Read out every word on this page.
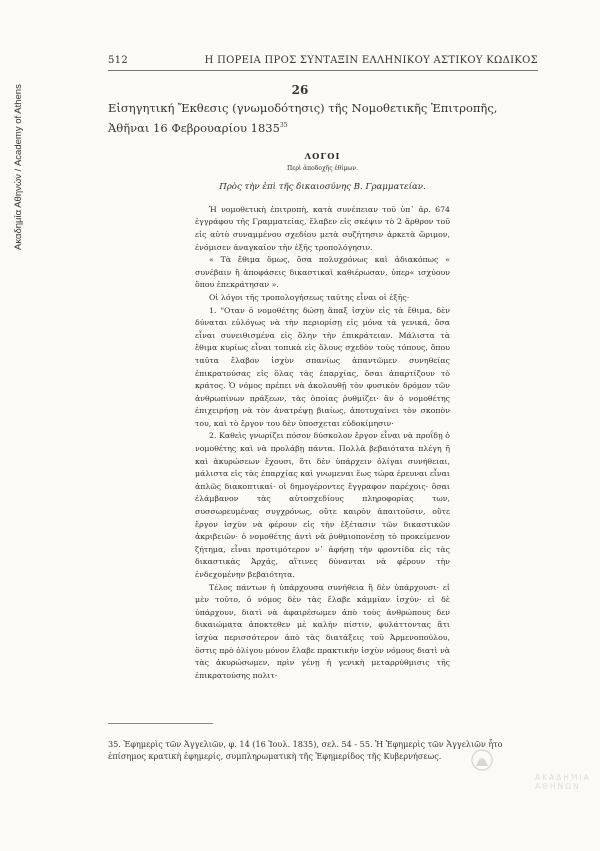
Ακαδημία Αθηνών / Academy of Athens
512	Η ΠΟΡΕΙΑ ΠΡΟΣ ΣΥΝΤΑΞΙΝ ΕΛΛΗΝΙΚΟΥ ΑΣΤΙΚΟΥ ΚΩΔΙΚΟΣ
26
Εἰσηγητική Ἔκθεσις (γνωμοδότησις) τῆς Νομοθετικῆς Ἐπιτροπῆς, Ἀθῆναι 16 Φεβρουαρίου 1835$^{35}$
ΛΟΓΟΙ
Περὶ ἀποδοχῆς ἐθίμων.
Πρὸς τὴν ἐπὶ τῆς δικαιοσύνης Β. Γραμματείαν.

Ἡ νομοθετικὴ ἐπιτροπὴ, κατὰ συνέπειαν τοῦ ὑπ᾽ ἀρ. 674 ἐγγράφου τῆς Γραμματείας, ἔλαβεν εἰς σκέψιν τὸ 2 ἄρθρον τοῦ εἰς αὐτὸ συναμμένου σχεδίου μετὰ συζήτησιν ἀρκετὰ ὥριμον, ἐνόμισεν ἀναγκαῖον τὴν ἑξῆς τροπολόγησιν.

« Τὰ ἔθιμα ὅμως, ὅσα πολυχρόνως καὶ ἀδιακόπως « συνέβαιν ἢ ἀποφάσεις δικαστικαὶ καθιέρωσαν, ὑπερ« ισχύουν ὅπου ἐπεκράτησαν ».

Οἱ λόγοι τῆς τροπολογήσεως ταύτης εἶναι οἱ ἑξῆς·

1. "Οταν ὁ νομοθέτης δώσῃ ἅπαξ ἰσχὺν εἰς τὰ ἔθιμα, δὲν δύναται εὐλόγως νὰ τὴν περιορίσῃ εἰς μόνα τὰ γενικά, ὅσα εἶναι συνειθισμένα εἰς ὅλην τὴν ἐπικράτειαν. Μάλιστα τὰ ἔθιμα κυρίως εἶναι τοπικὰ εἰς ὅλους σχεδὸν τοὺς τόπους, ὅπου ταῦτα ἔλαβον ἰσχὺν σπανίως ἀπαντῶμεν συνηθείας ἐπικρατούσας εἰς ὅλας τὰς ἐπαρχίας, ὅσαι ἀπαρτίζουν τὸ κράτος. Ὁ νόμος πρέπει νὰ ἀκολουθῇ τὸν φυσικὸν δρόμον τῶν ἀνθρωπίνων πράξεων, τὰς ὁποίας ῥυθμίζει· ἂν ὁ νομοθέτης ἐπιχειρήσῃ νὰ τὸν ἀνατρέψῃ βιαίως, ἀποτυχαίνει τὸν σκοπὸν του, καὶ τὸ ἔργον του δὲν ὑποσχεται εὐδοκίμησιν·

2. Καθεὶς γνωρίζει πόσον δύσκολον ἔργον εἶναι νὰ προΐδῃ ὁ νομοθέτης καὶ νὰ προλάβῃ πάντα. Πολλὰ βεβαιότατα πλέγη ἤ καὶ ἀκυρώσεων ἔχουσι, ὅτι δὲν ὑπάρχειν ὀλίγαι συνήθειαι, μάλιστα εἰς τὰς ἐπαρχίας καὶ γνωμεναι ἕως τώρα ἐρευναι εἶναι ἀπλῶς διακοπτικαί· οἱ δημογέροντες ἔγγραφον παρέχοις· ὅσαι ἐλάμβανον τὰς αὐτοσχεδίους πληροφορίας των, συσσωρευμένας συγχρόνως, οὔτε καιρὸν ἀπαιτοῦσιν, οὔτε ἔργον ἰσχὺν νὰ φέρουν εἰς τὴν ἐξέτασιν τῶν δικαστικῶν ἀκριβειῶν· ὁ νομοθέτης ἀντὶ νὰ ῥυθμιοπονέσῃ τὸ προκείμενον ζήτημα, εἶναι προτιμότερον ν᾽ ἀφήσῃ τὴν φροντίδα εἰς τὰς δικαστικὰς Ἀρχάς, αἵτινες δύνανται νὰ φέρουν τὴν ἐνδεχομένην βεβαιότητα.

Τέλος πάντων ἡ ὑπάρχουσα συνήθεια ἢ δὲν ὑπάρχουσι· εἰ μὲν τοῦτο, ὁ νόμος δὲν τὰς ἔλαβε κάμμίαν ἰσχύν· εἰ δὲ ὑπάρχουν, διατὶ νὰ ἀφαιρέσωμεν ἀπὸ τοὺς ἀνθρώπους δεν δικαιώματα ἀποκτεθεν μὲ καλὴν πίστιν, φυλάττοντας ἅτι ἰσχύα περισσότερον ἀπὸ τὰς διατάξεις τοῦ Ἀρμενοπούλου, ὅστις πρὸ ὀλίγου μόνον ἔλαβε πρακτικὴν ἰσχὺν νόμους διατὶ νὰ τὰς ἀκυρώσωμεν, πρὶν γένῃ ἡ γενικὴ μεταρρύθμισις τῆς ἐπικρατούσης πολιτ-

35. Ἐφημερὶς τῶν Ἀγγελιῶν, φ. 14 (16 Ἰουλ. 1835), σελ. 54 - 55. Ἡ Ἐφημερὶς τῶν Ἀγγελιῶν ἦτο ἐπίσημος κρατικὴ ἐφημερίς, συμπληρωματικὴ τῆς Ἐφημερίδος τῆς Κυβερνήσεως.
ΑΚΑΔΗΜΙΑ ΑΘΗΝΩΝ
